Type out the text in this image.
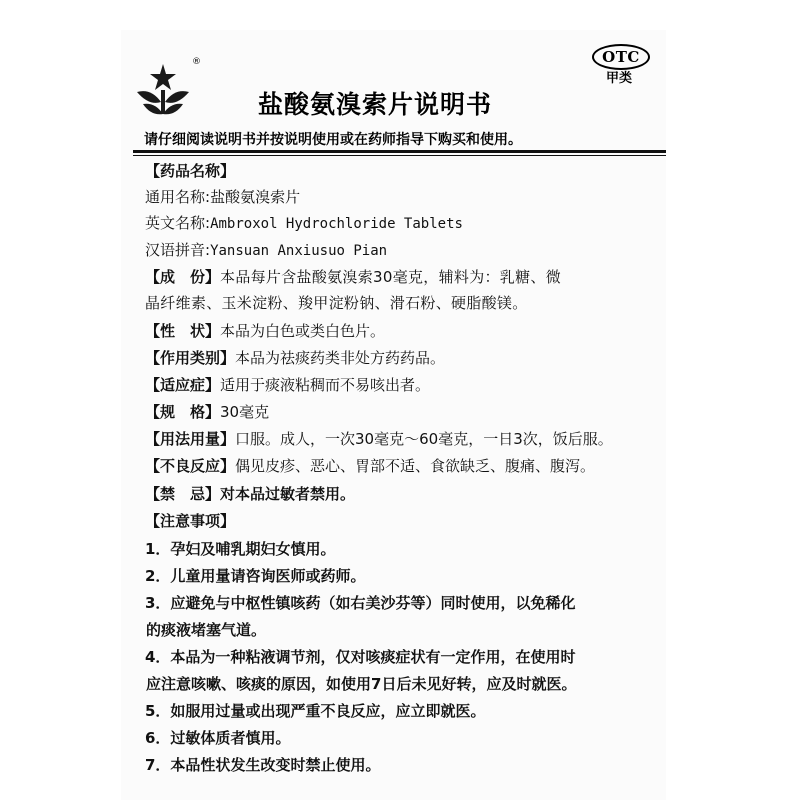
®	OTC
甲类
盐酸氨溴索片说明书
请仔细阅读说明书并按说明使用或在药师指导下购买和使用。
【药品名称】
通用名称:盐酸氨溴索片
英文名称:Ambroxol Hydrochloride Tablets
汉语拼音:Yansuan Anxiusuo Pian
【成　份】本品每片含盐酸氨溴索30毫克，辅料为：乳糖、微
晶纤维素、玉米淀粉、羧甲淀粉钠、滑石粉、硬脂酸镁。
【性　状】本品为白色或类白色片。
【作用类别】本品为祛痰药类非处方药药品。
【适应症】适用于痰液粘稠而不易咳出者。
【规　格】30毫克
【用法用量】口服。成人，一次30毫克～60毫克，一日3次，饭后服。
【不良反应】偶见皮疹、恶心、胃部不适、食欲缺乏、腹痛、腹泻。
【禁　忌】对本品过敏者禁用。
【注意事项】
1．孕妇及哺乳期妇女慎用。
2．儿童用量请咨询医师或药师。
3．应避免与中枢性镇咳药（如右美沙芬等）同时使用，以免稀化
的痰液堵塞气道。
4．本品为一种粘液调节剂，仅对咳痰症状有一定作用，在使用时
应注意咳嗽、咳痰的原因，如使用7日后未见好转，应及时就医。
5．如服用过量或出现严重不良反应，应立即就医。
6．过敏体质者慎用。
7．本品性状发生改变时禁止使用。
